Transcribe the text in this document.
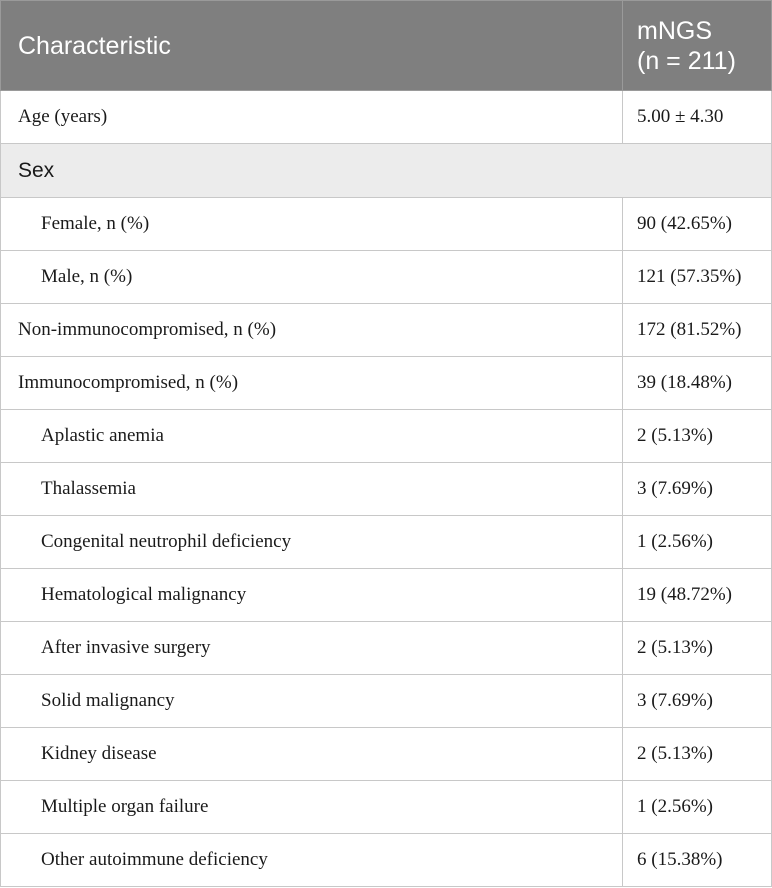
Characteristic	mNGS
(n = 211)

Age (years)	5.00 ± 4.30
Sex	
Female, n (%)	90 (42.65%)
Male, n (%)	121 (57.35%)
Non-immunocompromised, n (%)	172 (81.52%)
Immunocompromised, n (%)	39 (18.48%)
Aplastic anemia	2 (5.13%)
Thalassemia	3 (7.69%)
Congenital neutrophil deficiency	1 (2.56%)
Hematological malignancy	19 (48.72%)
After invasive surgery	2 (5.13%)
Solid malignancy	3 (7.69%)
Kidney disease	2 (5.13%)
Multiple organ failure	1 (2.56%)
Other autoimmune deficiency	6 (15.38%)
